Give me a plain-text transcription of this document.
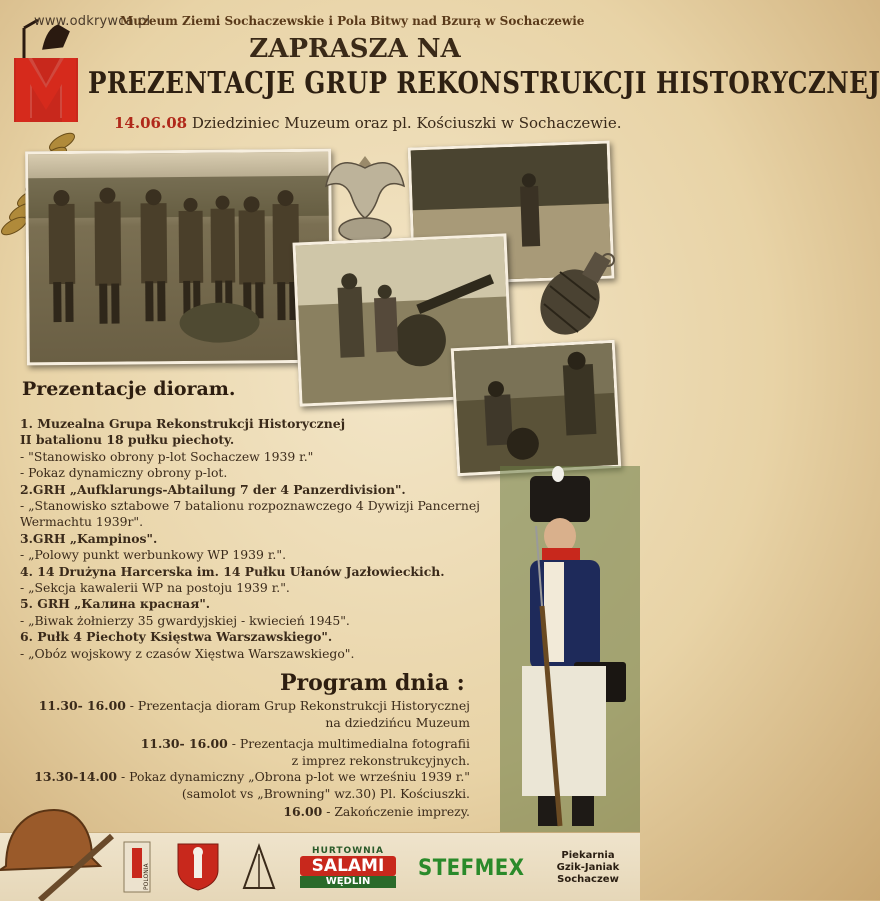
www.odkrywca.pl
Muzeum Ziemi Sochaczewskie i Pola Bitwy nad Bzurą w Sochaczewie
ZAPRASZA NA
PREZENTACJE GRUP REKONSTRUKCJI HISTORYCZNEJ
14.06.08 Dziedziniec Muzeum oraz pl. Kościuszki w Sochaczewie.
Prezentacje dioram.
1. Muzealna Grupa Rekonstrukcji Historycznej
II batalionu 18 pułku piechoty.
- "Stanowisko obrony p-lot Sochaczew 1939 r."
- Pokaz dynamiczny obrony p-lot.
2.GRH „Aufklarungs-Abtailung 7 der 4 Panzerdivision".
- „Stanowisko sztabowe 7 batalionu rozpoznawczego 4 Dywizji Pancernej
Wermachtu 1939r".
3.GRH „Kampinos".
- „Polowy punkt werbunkowy WP 1939 r.".
4. 14 Drużyna Harcerska im. 14 Pułku Ułanów Jazłowieckich.
- „Sekcja kawalerii WP na postoju 1939 r.".
5. GRH „Калина красная".
- „Biwak żołnierzy 35 gwardyjskiej - kwiecień 1945".
6. Pułk 4 Piechoty Księstwa Warszawskiego".
- „Obóz wojskowy z czasów Xięstwa Warszawskiego".
Program dnia :
11.30- 16.00 - Prezentacja dioram Grup Rekonstrukcji Historycznej
na dziedzińcu Muzeum
11.30- 16.00 - Prezentacja multimedialna fotografii
z imprez rekonstrukcyjnych.
13.30-14.00 - Pokaz dynamiczny „Obrona p-lot we wrześniu 1939 r."
(samolot vs „Browning" wz.30) Pl. Kościuszki.
16.00 - Zakończenie imprezy.
POLONIA
HURTOWNIA
SALAMI
WĘDLIN
STEFMEX
Piekarnia
Gzik-Janiak
Sochaczew
